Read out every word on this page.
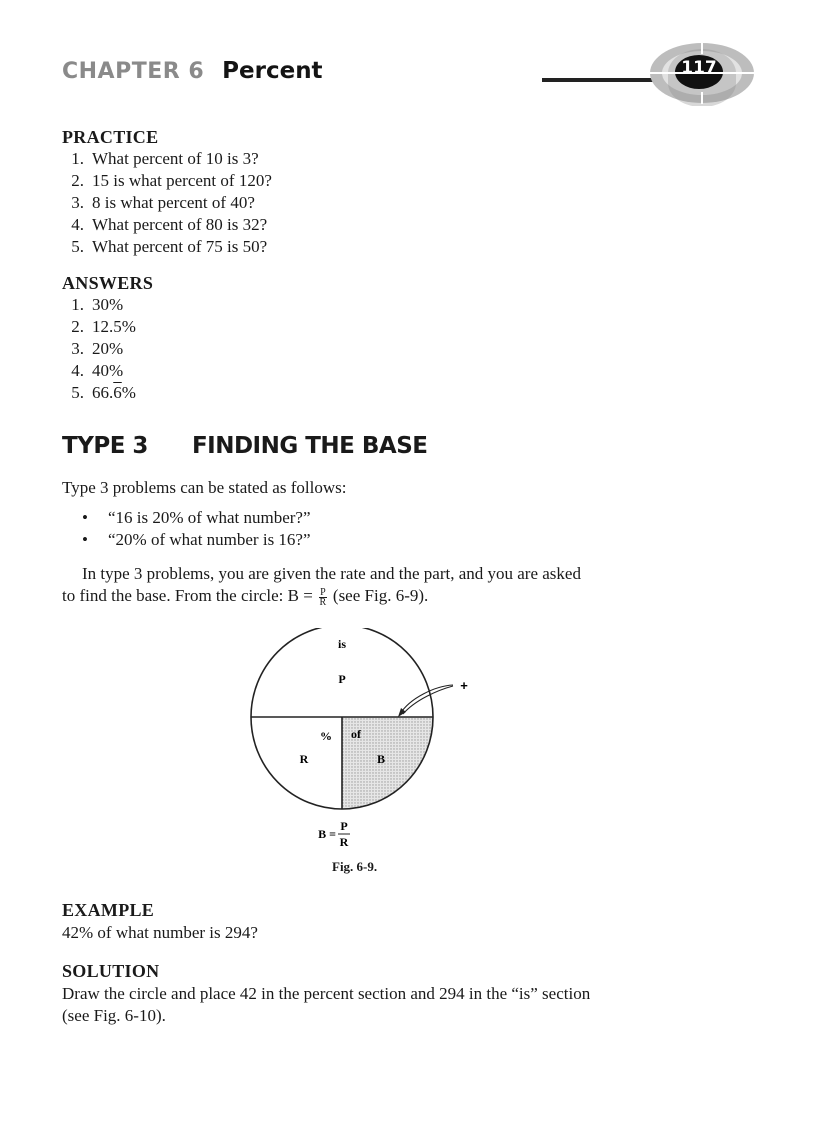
CHAPTER 6 Percent	117
PRACTICE
1. What percent of 10 is 3?
2. 15 is what percent of 120?
3. 8 is what percent of 40?
4. What percent of 80 is 32?
5. What percent of 75 is 50?
ANSWERS
1. 30%
2. 12.5%
3. 20%
4. 40%
5. 66.6%
TYPE 3 FINDING THE BASE
Type 3 problems can be stated as follows:
• “16 is 20% of what number?”
• “20% of what number is 16?”
In type 3 problems, you are given the rate and the part, and you are asked
to find the base. From the circle: $B = \frac{P}{R} (see$ Fig. 6-9).
is
P	+
% of
R	B
B =
P
R
Fig. 6-9.
EXAMPLE
42% of what number is 294?
SOLUTION
Draw the circle and place 42 in the percent section and 294 in the “is” section
(see Fig. 6-10).
